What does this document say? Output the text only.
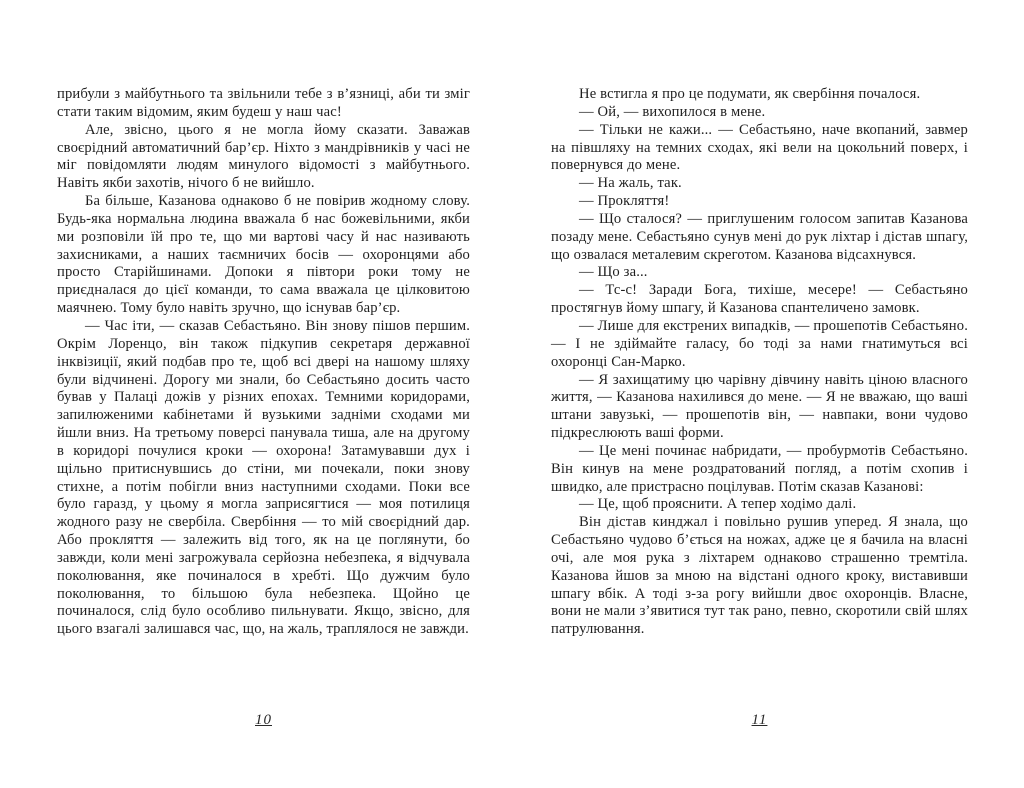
прибули з майбутнього та звільнили тебе з в’язниці, аби ти зміг стати таким відомим, яким будеш у наш час!

Але, звісно, цього я не могла йому сказати. Заважав своєрідний автоматичний бар’єр. Ніхто з мандрівників у часі не міг повідомляти людям минулого відомості з майбутнього. Навіть якби захотів, нічого б не вийшло.

Ба більше, Казанова однаково б не повірив жодному слову. Будь-яка нормальна людина вважала б нас божевільними, якби ми розповіли їй про те, що ми вартові часу й нас називають захисниками, а наших таємничих босів — охоронцями або просто Старійшинами. Допоки я півтори роки тому не приєдналася до цієї команди, то сама вважала це цілковитою маячнею. Тому було навіть зручно, що існував бар’єр.

— Час іти, — сказав Себастьяно. Він знову пішов першим. Окрім Лоренцо, він також підкупив секретаря державної інквізиції, який подбав про те, щоб всі двері на нашому шляху були відчинені. Дорогу ми знали, бо Себастьяно досить часто бував у Палаці дожів у різних епохах. Темними коридорами, запилюженими кабінетами й вузькими задніми сходами ми йшли вниз. На третьому поверсі панувала тиша, але на другому в коридорі почулися кроки — охорона! Затамувавши дух і щільно притиснувшись до стіни, ми почекали, поки знову стихне, а потім побігли вниз наступними сходами. Поки все було гаразд, у цьому я могла заприсягтися — моя потилиця жодного разу не свербіла. Свербіння — то мій своєрідний дар. Або прокляття — залежить від того, як на це поглянути, бо завжди, коли мені загрожувала серйозна небезпека, я відчувала поколювання, яке починалося в хребті. Що дужчим було поколювання, то більшою була небезпека. Щойно це починалося, слід було особливо пильнувати. Якщо, звісно, для цього взагалі залишався час, що, на жаль, траплялося не завжди.

10

Не встигла я про це подумати, як свербіння почалося.

— Ой, — вихопилося в мене.

— Тільки не кажи... — Себастьяно, наче вкопаний, завмер на півшляху на темних сходах, які вели на цокольний поверх, і повернувся до мене.

— На жаль, так.

— Прокляття!

— Що сталося? — приглушеним голосом запитав Казанова позаду мене. Себастьяно сунув мені до рук ліхтар і дістав шпагу, що озвалася металевим скреготом. Казанова відсахнувся.

— Що за...

— Тс-с! Заради Бога, тихіше, месере! — Себастьяно простягнув йому шпагу, й Казанова спантеличено замовк.

— Лише для екстрених випадків, — прошепотів Себастьяно. — І не здіймайте галасу, бо тоді за нами гнатимуться всі охоронці Сан-Марко.

— Я захищатиму цю чарівну дівчину навіть ціною власного життя, — Казанова нахилився до мене. — Я не вважаю, що ваші штани завузькі, — прошепотів він, — навпаки, вони чудово підкреслюють ваші форми.

— Це мені починає набридати, — пробурмотів Себастьяно. Він кинув на мене роздратований погляд, а потім схопив і швидко, але пристрасно поцілував. Потім сказав Казанові:

— Це, щоб прояснити. А тепер ходімо далі.

Він дістав кинджал і повільно рушив уперед. Я знала, що Себастьяно чудово б’ється на ножах, адже це я бачила на власні очі, але моя рука з ліхтарем однаково страшенно тремтіла. Казанова йшов за мною на відстані одного кроку, виставивши шпагу вбік. А тоді з-за рогу вийшли двоє охоронців. Власне, вони не мали з’явитися тут так рано, певно, скоротили свій шлях патрулювання.

11
